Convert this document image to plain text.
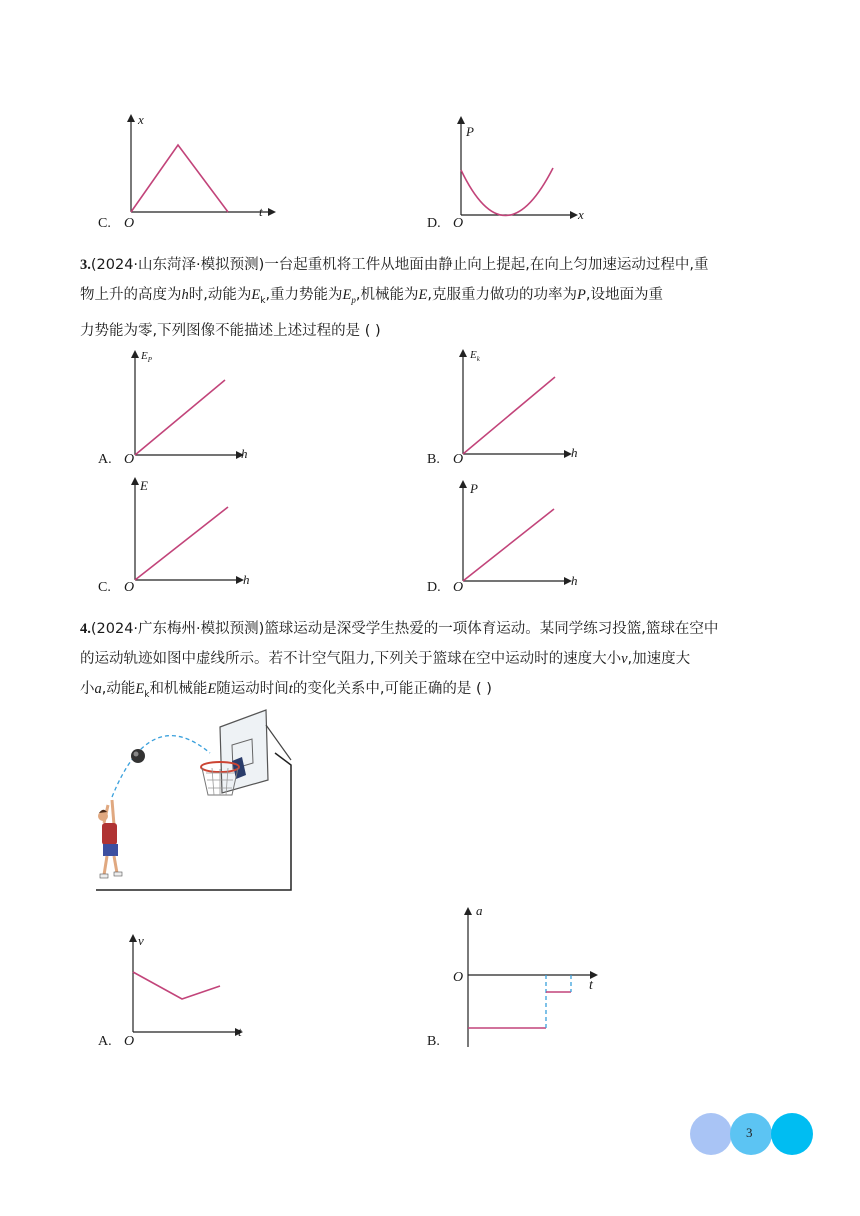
x
t
C. O
P
x
D. O
3.(2024·山东菏泽·模拟预测)一台起重机将工件从地面由静止向上提起,在向上匀加速运动过程中,重
物上升的高度为h时,动能为$E_k$,重力势能为$E_p$,机械能为E,克服重力做功的功率为P,设地面为重
力势能为零,下列图像不能描述上述过程的是 ( )
$E_P$
h
A. O
$E_k$
h
B. O
E
h
C. O
P
h
D. O
4.(2024·广东梅州·模拟预测)篮球运动是深受学生热爱的一项体育运动。某同学练习投篮,篮球在空中
的运动轨迹如图中虚线所示。若不计空气阻力,下列关于篮球在空中运动时的速度大小v,加速度大
小a,动能$E_k$和机械能E随运动时间t的变化关系中,可能正确的是 ( )
v
t
A. O
a
O
t
B.
3
